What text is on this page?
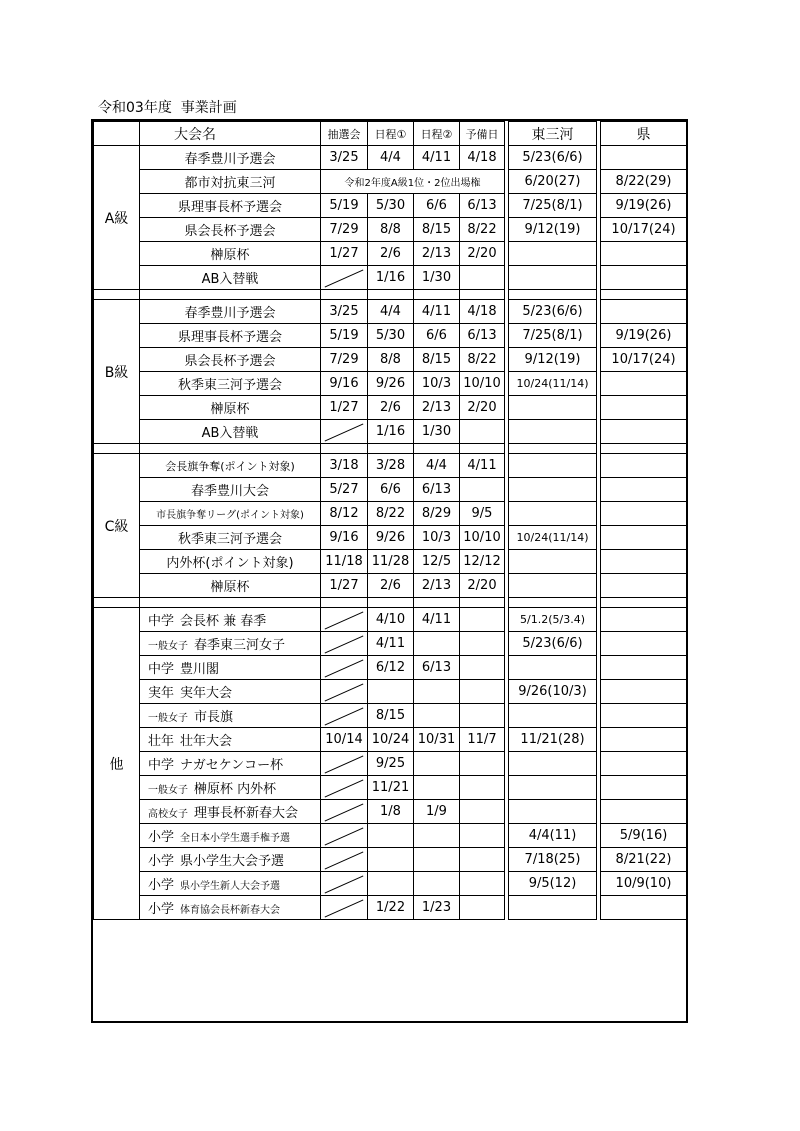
令和03年度  事業計画
	大会名	抽選会	日程①	日程②	予備日		東三河		県
A級	春季豊川予選会	3/25	4/4	4/11	4/18		5/23(6/6)		
	都市対抗東三河	令和2年度A級1位・2位出場権					6/20(27)		8/22(29)
	県理事長杯予選会	5/19	5/30	6/6	6/13		7/25(8/1)		9/19(26)
	県会長杯予選会	7/29	8/8	8/15	8/22		9/12(19)		10/17(24)
	榊原杯	1/27	2/6	2/13	2/20				
	AB入替戦		1/16	1/30					

B級	春季豊川予選会	3/25	4/4	4/11	4/18		5/23(6/6)		
	県理事長杯予選会	5/19	5/30	6/6	6/13		7/25(8/1)		9/19(26)
	県会長杯予選会	7/29	8/8	8/15	8/22		9/12(19)		10/17(24)
	秋季東三河予選会	9/16	9/26	10/3	10/10		10/24(11/14)		
	榊原杯	1/27	2/6	2/13	2/20				
	AB入替戦		1/16	1/30					

C級	会長旗争奪(ポイント対象)	3/18	3/28	4/4	4/11				
	春季豊川大会	5/27	6/6	6/13					
	市長旗争奪リーグ(ポイント対象)	8/12	8/22	8/29	9/5				
	秋季東三河予選会	9/16	9/26	10/3	10/10		10/24(11/14)		
	内外杯(ポイント対象)	11/18	11/28	12/5	12/12				
	榊原杯	1/27	2/6	2/13	2/20				

他	中学 会長杯 兼 春季		4/10	4/11			5/1.2(5/3.4)		
	一般女子 春季東三河女子		4/11				5/23(6/6)		
	中学 豊川閣		6/12	6/13					
	実年 実年大会						9/26(10/3)		
	一般女子 市長旗		8/15						
	壮年 壮年大会	10/14	10/24	10/31	11/7		11/21(28)		
	中学 ナガセケンコー杯		9/25						
	一般女子 榊原杯 内外杯		11/21						
	高校女子 理事長杯新春大会		1/8	1/9					
	小学 全日本小学生選手権予選						4/4(11)		5/9(16)
	小学 県小学生大会予選						7/18(25)		8/21(22)
	小学 県小学生新人大会予選						9/5(12)		10/9(10)
	小学 体育協会長杯新春大会		1/22	1/23					
